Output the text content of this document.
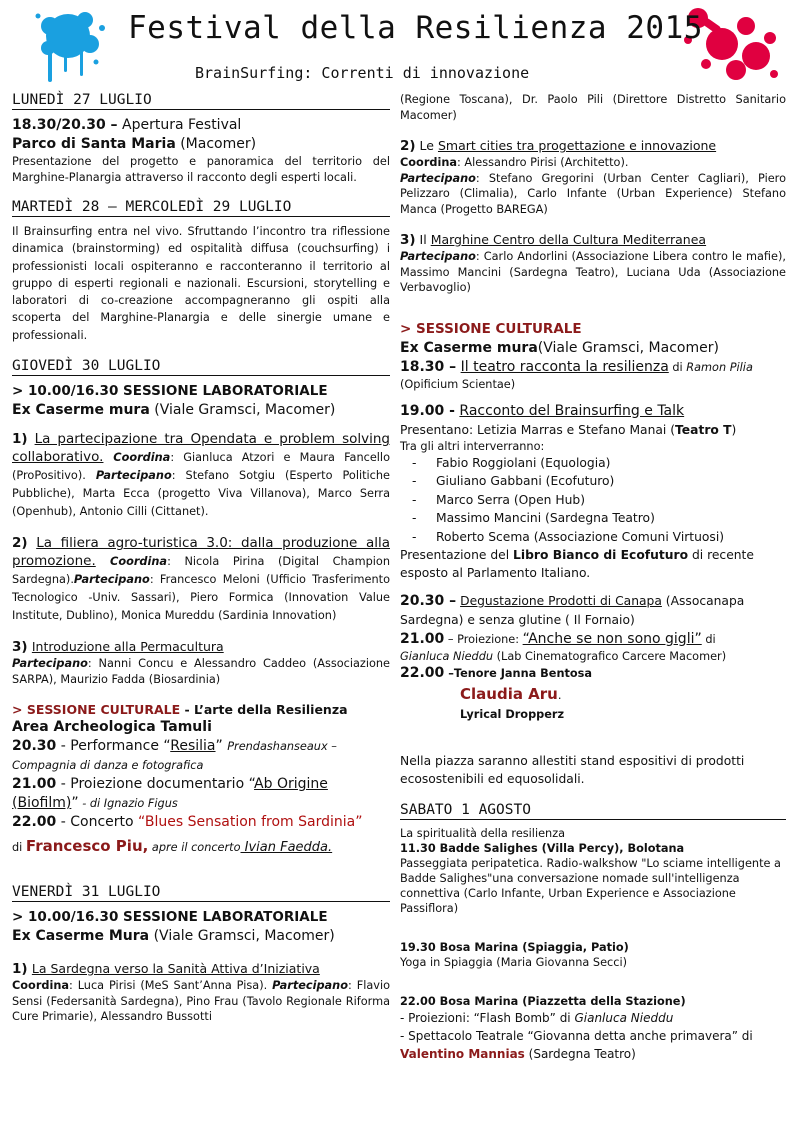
Festival della Resilienza 2015
BrainSurfing: Correnti di innovazione
LUNEDÌ 27 LUGLIO

18.30/20.30 – Apertura Festival

Parco di Santa Maria (Macomer)

Presentazione del progetto e panoramica del territorio del Marghine-Planargia attraverso il racconto degli esperti locali.

MARTEDÌ 28 – MERCOLEDÌ 29 LUGLIO

Il Brainsurfing entra nel vivo. Sfruttando l’incontro tra riflessione dinamica (brainstorming) ed ospitalità diffusa (couchsurfing) i professionisti locali ospiteranno e racconteranno il territorio al gruppo di esperti regionali e nazionali. Escursioni, storytelling e laboratori di co-creazione accompagneranno gli ospiti alla scoperta del Marghine-Planargia e delle sinergie umane e professionali.

GIOVEDÌ 30 LUGLIO

> 10.00/16.30 SESSIONE LABORATORIALE

Ex Caserme mura (Viale Gramsci, Macomer)

1) La partecipazione tra Opendata e problem solving collaborativo. Coordina: Gianluca Atzori e Maura Fancello (ProPositivo). Partecipano: Stefano Sotgiu (Esperto Politiche Pubbliche), Marta Ecca (progetto Viva Villanova), Marco Serra (Openhub), Antonio Cilli (Cittanet).

2) La filiera agro-turistica 3.0: dalla produzione alla promozione. Coordina: Nicola Pirina (Digital Champion Sardegna).Partecipano: Francesco Meloni (Ufficio Trasferimento Tecnologico -Univ. Sassari), Piero Formica (Innovation Value Institute, Dublino), Monica Mureddu (Sardinia Innovation)

3) Introduzione alla Permacultura

Partecipano: Nanni Concu e Alessandro Caddeo (Associazione SARPA), Maurizio Fadda (Biosardinia)

> SESSIONE CULTURALE - L’arte della Resilienza

Area Archeologica Tamuli

20.30 - Performance “Resilia” Prendashanseaux – Compagnia di danza e fotografica

21.00 - Proiezione documentario “Ab Origine (Biofilm)” - di Ignazio Figus

22.00 - Concerto “Blues Sensation from Sardinia”

di Francesco Piu, apre il concerto Ivian Faedda.

VENERDÌ 31 LUGLIO

> 10.00/16.30 SESSIONE LABORATORIALE

Ex Caserme Mura (Viale Gramsci, Macomer)

1) La Sardegna verso la Sanità Attiva d’Iniziativa

Coordina: Luca Pirisi (MeS Sant’Anna Pisa). Partecipano: Flavio Sensi (Federsanità Sardegna), Pino Frau (Tavolo Regionale Riforma Cure Primarie), Alessandro Bussotti

(Regione Toscana), Dr. Paolo Pili (Direttore Distretto Sanitario Macomer)

2) Le Smart cities tra progettazione e innovazione

Coordina: Alessandro Pirisi (Architetto).
Partecipano: Stefano Gregorini (Urban Center Cagliari), Piero Pelizzaro (Climalia), Carlo Infante (Urban Experience) Stefano Manca (Progetto BAREGA)

3) Il Marghine Centro della Cultura Mediterranea

Partecipano: Carlo Andorlini (Associazione Libera contro le mafie), Massimo Mancini (Sardegna Teatro), Luciana Uda (Associazione Verbavoglio)

> SESSIONE CULTURALE

Ex Caserme mura(Viale Gramsci, Macomer)

18.30 – Il teatro racconta la resilienza di Ramon Pilia

(Opificium Scientae)

19.00 - Racconto del Brainsurfing e Talk

Presentano: Letizia Marras e Stefano Manai (Teatro T)

Tra gli altri interverranno:

- Fabio Roggiolani (Equologia)
- Giuliano Gabbani (Ecofuturo)
- Marco Serra (Open Hub)
- Massimo Mancini (Sardegna Teatro)
- Roberto Scema (Associazione Comuni Virtuosi)

Presentazione del Libro Bianco di Ecofuturo di recente esposto al Parlamento Italiano.

20.30 – Degustazione Prodotti di Canapa (Assocanapa Sardegna) e senza glutine ( Il Fornaio)

21.00 – Proiezione: “Anche se non sono gigli” di

Gianluca Nieddu (Lab Cinematografico Carcere Macomer)

22.00 –Tenore Janna Bentosa

Claudia Aru.

Lyrical Dropperz

Nella piazza saranno allestiti stand espositivi di prodotti ecosostenibili ed equosolidali.

SABATO 1 AGOSTO

La spiritualità della resilienza

11.30 Badde Salighes (Villa Percy), Bolotana

Passeggiata peripatetica. Radio-walkshow "Lo sciame intelligente a Badde Salighes"una conversazione nomade sull'intelligenza connettiva (Carlo Infante, Urban Experience e Associazione Passiflora)

19.30 Bosa Marina (Spiaggia, Patio)

Yoga in Spiaggia (Maria Giovanna Secci)

22.00 Bosa Marina (Piazzetta della Stazione)

- Proiezioni: “Flash Bomb” di Gianluca Nieddu

- Spettacolo Teatrale “Giovanna detta anche primavera” di Valentino Mannias (Sardegna Teatro)
